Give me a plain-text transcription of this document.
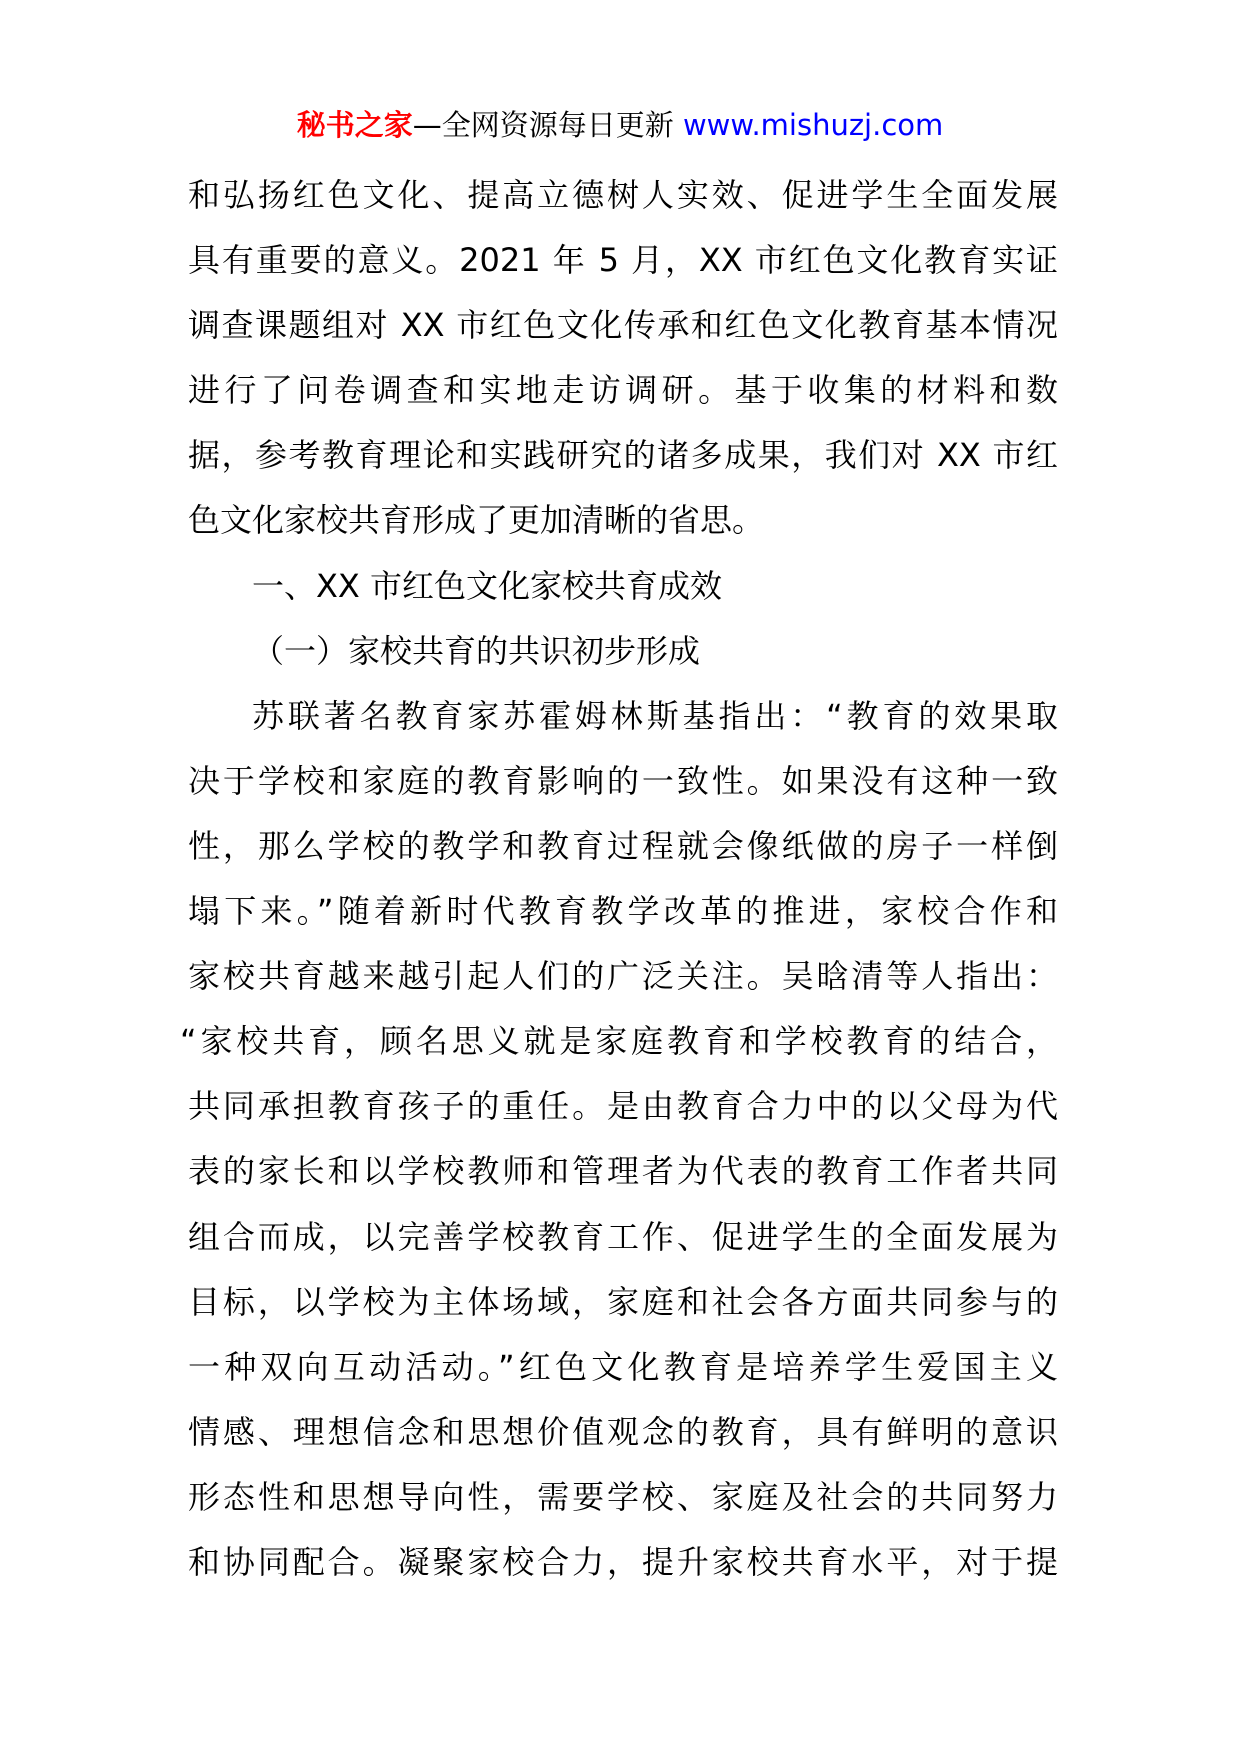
秘书之家—全网资源每日更新 www.mishuzj.com
和弘扬红色文化、提高立德树人实效、促进学生全面发展
具有重要的意义。2021 年 5 月，XX 市红色文化教育实证
调查课题组对 XX 市红色文化传承和红色文化教育基本情况
进行了问卷调查和实地走访调研。基于收集的材料和数
据，参考教育理论和实践研究的诸多成果，我们对 XX 市红
色文化家校共育形成了更加清晰的省思。
一、XX 市红色文化家校共育成效
（一）家校共育的共识初步形成
苏联著名教育家苏霍姆林斯基指出：“教育的效果取
决于学校和家庭的教育影响的一致性。如果没有这种一致
性，那么学校的教学和教育过程就会像纸做的房子一样倒
塌下来。”随着新时代教育教学改革的推进，家校合作和
家校共育越来越引起人们的广泛关注。吴晗清等人指出：
“家校共育，顾名思义就是家庭教育和学校教育的结合，
共同承担教育孩子的重任。是由教育合力中的以父母为代
表的家长和以学校教师和管理者为代表的教育工作者共同
组合而成，以完善学校教育工作、促进学生的全面发展为
目标，以学校为主体场域，家庭和社会各方面共同参与的
一种双向互动活动。”红色文化教育是培养学生爱国主义
情感、理想信念和思想价值观念的教育，具有鲜明的意识
形态性和思想导向性，需要学校、家庭及社会的共同努力
和协同配合。凝聚家校合力，提升家校共育水平，对于提
